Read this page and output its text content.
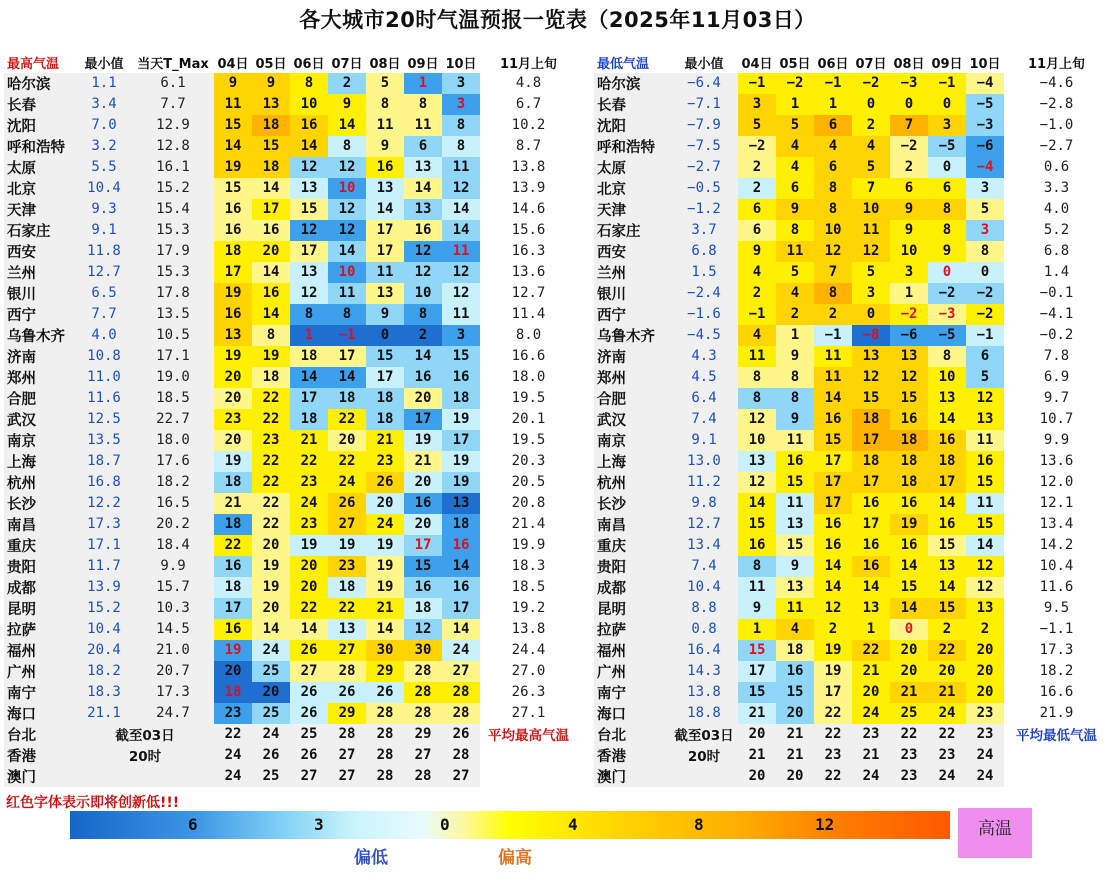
各大城市20时气温预报一览表（2025年11月03日）
最高气温	最小值	当天T_Max	04日	05日	06日	07日	08日	09日	10日	11月上旬
哈尔滨	1.1	6.1	9	9	8	2	5	1	3	4.8
长春	3.4	7.7	11	13	10	9	8	8	3	6.7
沈阳	7.0	12.9	15	18	16	14	11	11	8	10.2
呼和浩特	3.2	12.8	14	15	14	8	9	6	8	8.7
太原	5.5	16.1	19	18	12	12	16	13	11	13.8
北京	10.4	15.2	15	14	13	10	13	14	12	13.9
天津	9.3	15.4	16	17	15	12	14	13	14	14.6
石家庄	9.1	15.3	16	16	12	12	17	16	14	15.6
西安	11.8	17.9	18	20	17	14	17	12	11	16.3
兰州	12.7	15.3	17	14	13	10	11	12	12	13.6
银川	6.5	17.8	19	16	12	11	13	10	12	12.7
西宁	7.7	13.5	16	14	8	8	9	8	11	11.4
乌鲁木齐	4.0	10.5	13	8	1	−1	0	2	3	8.0
济南	10.8	17.1	19	19	18	17	15	14	15	16.6
郑州	11.0	19.0	20	18	14	14	17	16	16	18.0
合肥	11.6	18.5	20	22	17	18	18	20	18	19.5
武汉	12.5	22.7	23	22	18	22	18	17	19	20.1
南京	13.5	18.0	20	23	21	20	21	19	17	19.5
上海	18.7	17.6	19	22	22	22	23	21	19	20.3
杭州	16.8	18.2	18	22	23	24	26	20	19	20.5
长沙	12.2	16.5	21	22	24	26	20	16	13	20.8
南昌	17.3	20.2	18	22	23	27	24	20	18	21.4
重庆	17.1	18.4	22	20	19	19	19	17	16	19.9
贵阳	11.7	9.9	16	19	20	23	19	15	14	18.3
成都	13.9	15.7	18	19	20	18	19	16	16	18.5
昆明	15.2	10.3	17	20	22	22	21	18	17	19.2
拉萨	10.4	14.5	16	14	14	13	14	12	14	13.8
福州	20.4	21.0	19	24	26	27	30	30	24	24.4
广州	18.2	20.7	20	25	27	28	29	28	27	27.0
南宁	18.3	17.3	18	20	26	26	26	28	28	26.3
海口	21.1	24.7	23	25	26	29	28	28	28	27.1
台北	截至03日		22	24	25	28	28	29	26	平均最高气温
香港	20时		24	26	26	27	28	27	28	
澳门			24	25	27	27	28	28	27	
最低气温	最小值	04日	05日	06日	07日	08日	09日	10日	11月上旬
哈尔滨	−6.4	−1	−2	−1	−2	−3	−1	−4	−4.6
长春	−7.1	3	1	1	0	0	0	−5	−2.8
沈阳	−7.9	5	5	6	2	7	3	−3	−1.0
呼和浩特	−7.5	−2	4	4	4	−2	−5	−6	−2.7
太原	−2.7	2	4	6	5	2	0	−4	0.6
北京	−0.5	2	6	8	7	6	6	3	3.3
天津	−1.2	6	9	8	10	9	8	5	4.0
石家庄	3.7	6	8	10	11	9	8	3	5.2
西安	6.8	9	11	12	12	10	9	8	6.8
兰州	1.5	4	5	7	5	3	0	0	1.4
银川	−2.4	2	4	8	3	1	−2	−2	−0.1
西宁	−1.6	−1	2	2	0	−2	−3	−2	−4.1
乌鲁木齐	−4.5	4	1	−1	−8	−6	−5	−1	−0.2
济南	4.3	11	9	11	13	13	8	6	7.8
郑州	4.5	8	8	11	12	12	10	5	6.9
合肥	6.4	8	8	14	15	15	13	12	9.7
武汉	7.4	12	9	16	18	16	14	13	10.7
南京	9.1	10	11	15	17	18	16	11	9.9
上海	13.0	13	16	17	18	18	18	16	13.6
杭州	11.2	12	15	17	17	18	17	15	12.0
长沙	9.8	14	11	17	16	16	14	11	12.1
南昌	12.7	15	13	16	17	19	16	15	13.4
重庆	13.4	16	15	16	16	16	15	14	14.2
贵阳	7.4	8	9	14	16	14	13	12	10.4
成都	10.4	11	13	14	14	15	14	12	11.6
昆明	8.8	9	11	12	13	14	15	13	9.5
拉萨	0.8	1	4	2	1	0	2	2	−1.1
福州	16.4	15	18	19	22	20	22	20	17.3
广州	14.3	17	16	19	21	20	20	20	18.2
南宁	13.8	15	15	17	20	21	21	20	16.6
海口	18.8	21	20	22	24	25	24	23	21.9
台北	截至03日	20	21	22	23	22	22	23	平均最低气温
香港	20时	21	21	23	21	23	23	24	
澳门		20	20	22	24	23	24	24	
红色字体表示即将创新低!!!
6	3	0	4	8	12	高温
偏低	偏高
